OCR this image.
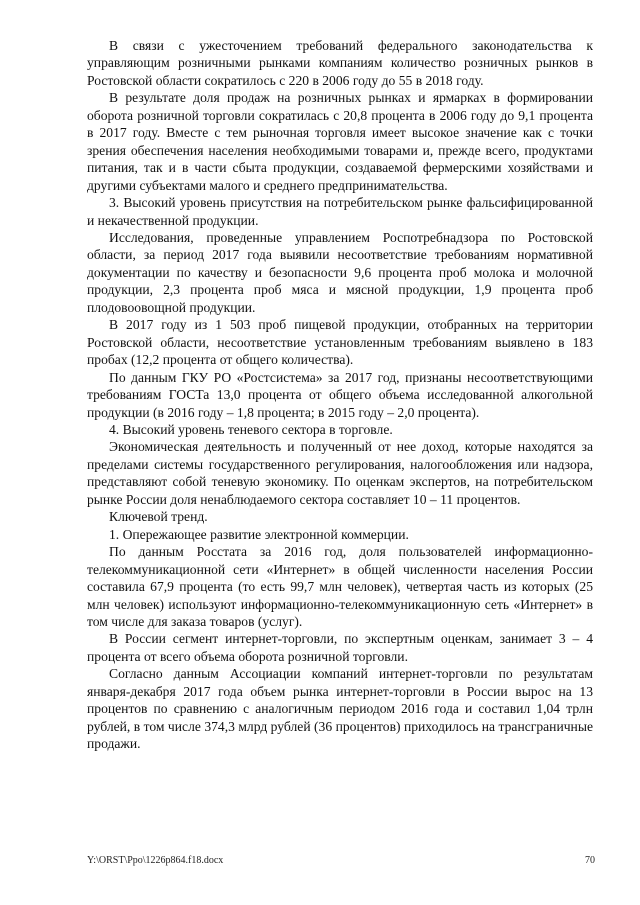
В связи с ужесточением требований федерального законодательства к управляющим розничными рынками компаниям количество розничных рынков в Ростовской области сократилось с 220 в 2006 году до 55 в 2018 году.

В результате доля продаж на розничных рынках и ярмарках в формировании оборота розничной торговли сократилась с 20,8 процента в 2006 году до 9,1 процента в 2017 году. Вместе с тем рыночная торговля имеет высокое значение как с точки зрения обеспечения населения необходимыми товарами и, прежде всего, продуктами питания, так и в части сбыта продукции, создаваемой фермерскими хозяйствами и другими субъектами малого и среднего предпринимательства.

3. Высокий уровень присутствия на потребительском рынке фальсифицированной и некачественной продукции.

Исследования, проведенные управлением Роспотребнадзора по Ростовской области, за период 2017 года выявили несоответствие требованиям нормативной документации по качеству и безопасности 9,6 процента проб молока и молочной продукции, 2,3 процента проб мяса и мясной продукции, 1,9 процента проб плодовоовощной продукции.

В 2017 году из 1 503 проб пищевой продукции, отобранных на территории Ростовской области, несоответствие установленным требованиям выявлено в 183 пробах (12,2 процента от общего количества).

По данным ГКУ РО «Ростсистема» за 2017 год, признаны несоответствующими требованиям ГОСТа 13,0 процента от общего объема исследованной алкогольной продукции (в 2016 году – 1,8 процента; в 2015 году – 2,0 процента).

4. Высокий уровень теневого сектора в торговле.

Экономическая деятельность и полученный от нее доход, которые находятся за пределами системы государственного регулирования, налогообложения или надзора, представляют собой теневую экономику. По оценкам экспертов, на потребительском рынке России доля ненаблюдаемого сектора составляет 10 – 11 процентов.

Ключевой тренд.

1. Опережающее развитие электронной коммерции.

По данным Росстата за 2016 год, доля пользователей информационно-телекоммуникационной сети «Интернет» в общей численности населения России составила 67,9 процента (то есть 99,7 млн человек), четвертая часть из которых (25 млн человек) используют информационно-телекоммуникационную сеть «Интернет» в том числе для заказа товаров (услуг).

В России сегмент интернет-торговли, по экспертным оценкам, занимает 3 – 4 процента от всего объема оборота розничной торговли.

Согласно данным Ассоциации компаний интернет-торговли по результатам января-декабря 2017 года объем рынка интернет-торговли в России вырос на 13 процентов по сравнению с аналогичным периодом 2016 года и составил 1,04 трлн рублей, в том числе 374,3 млрд рублей (36 процентов) приходилось на трансграничные продажи.

Y:\ORST\Ppo\1226p864.f18.docx	70
